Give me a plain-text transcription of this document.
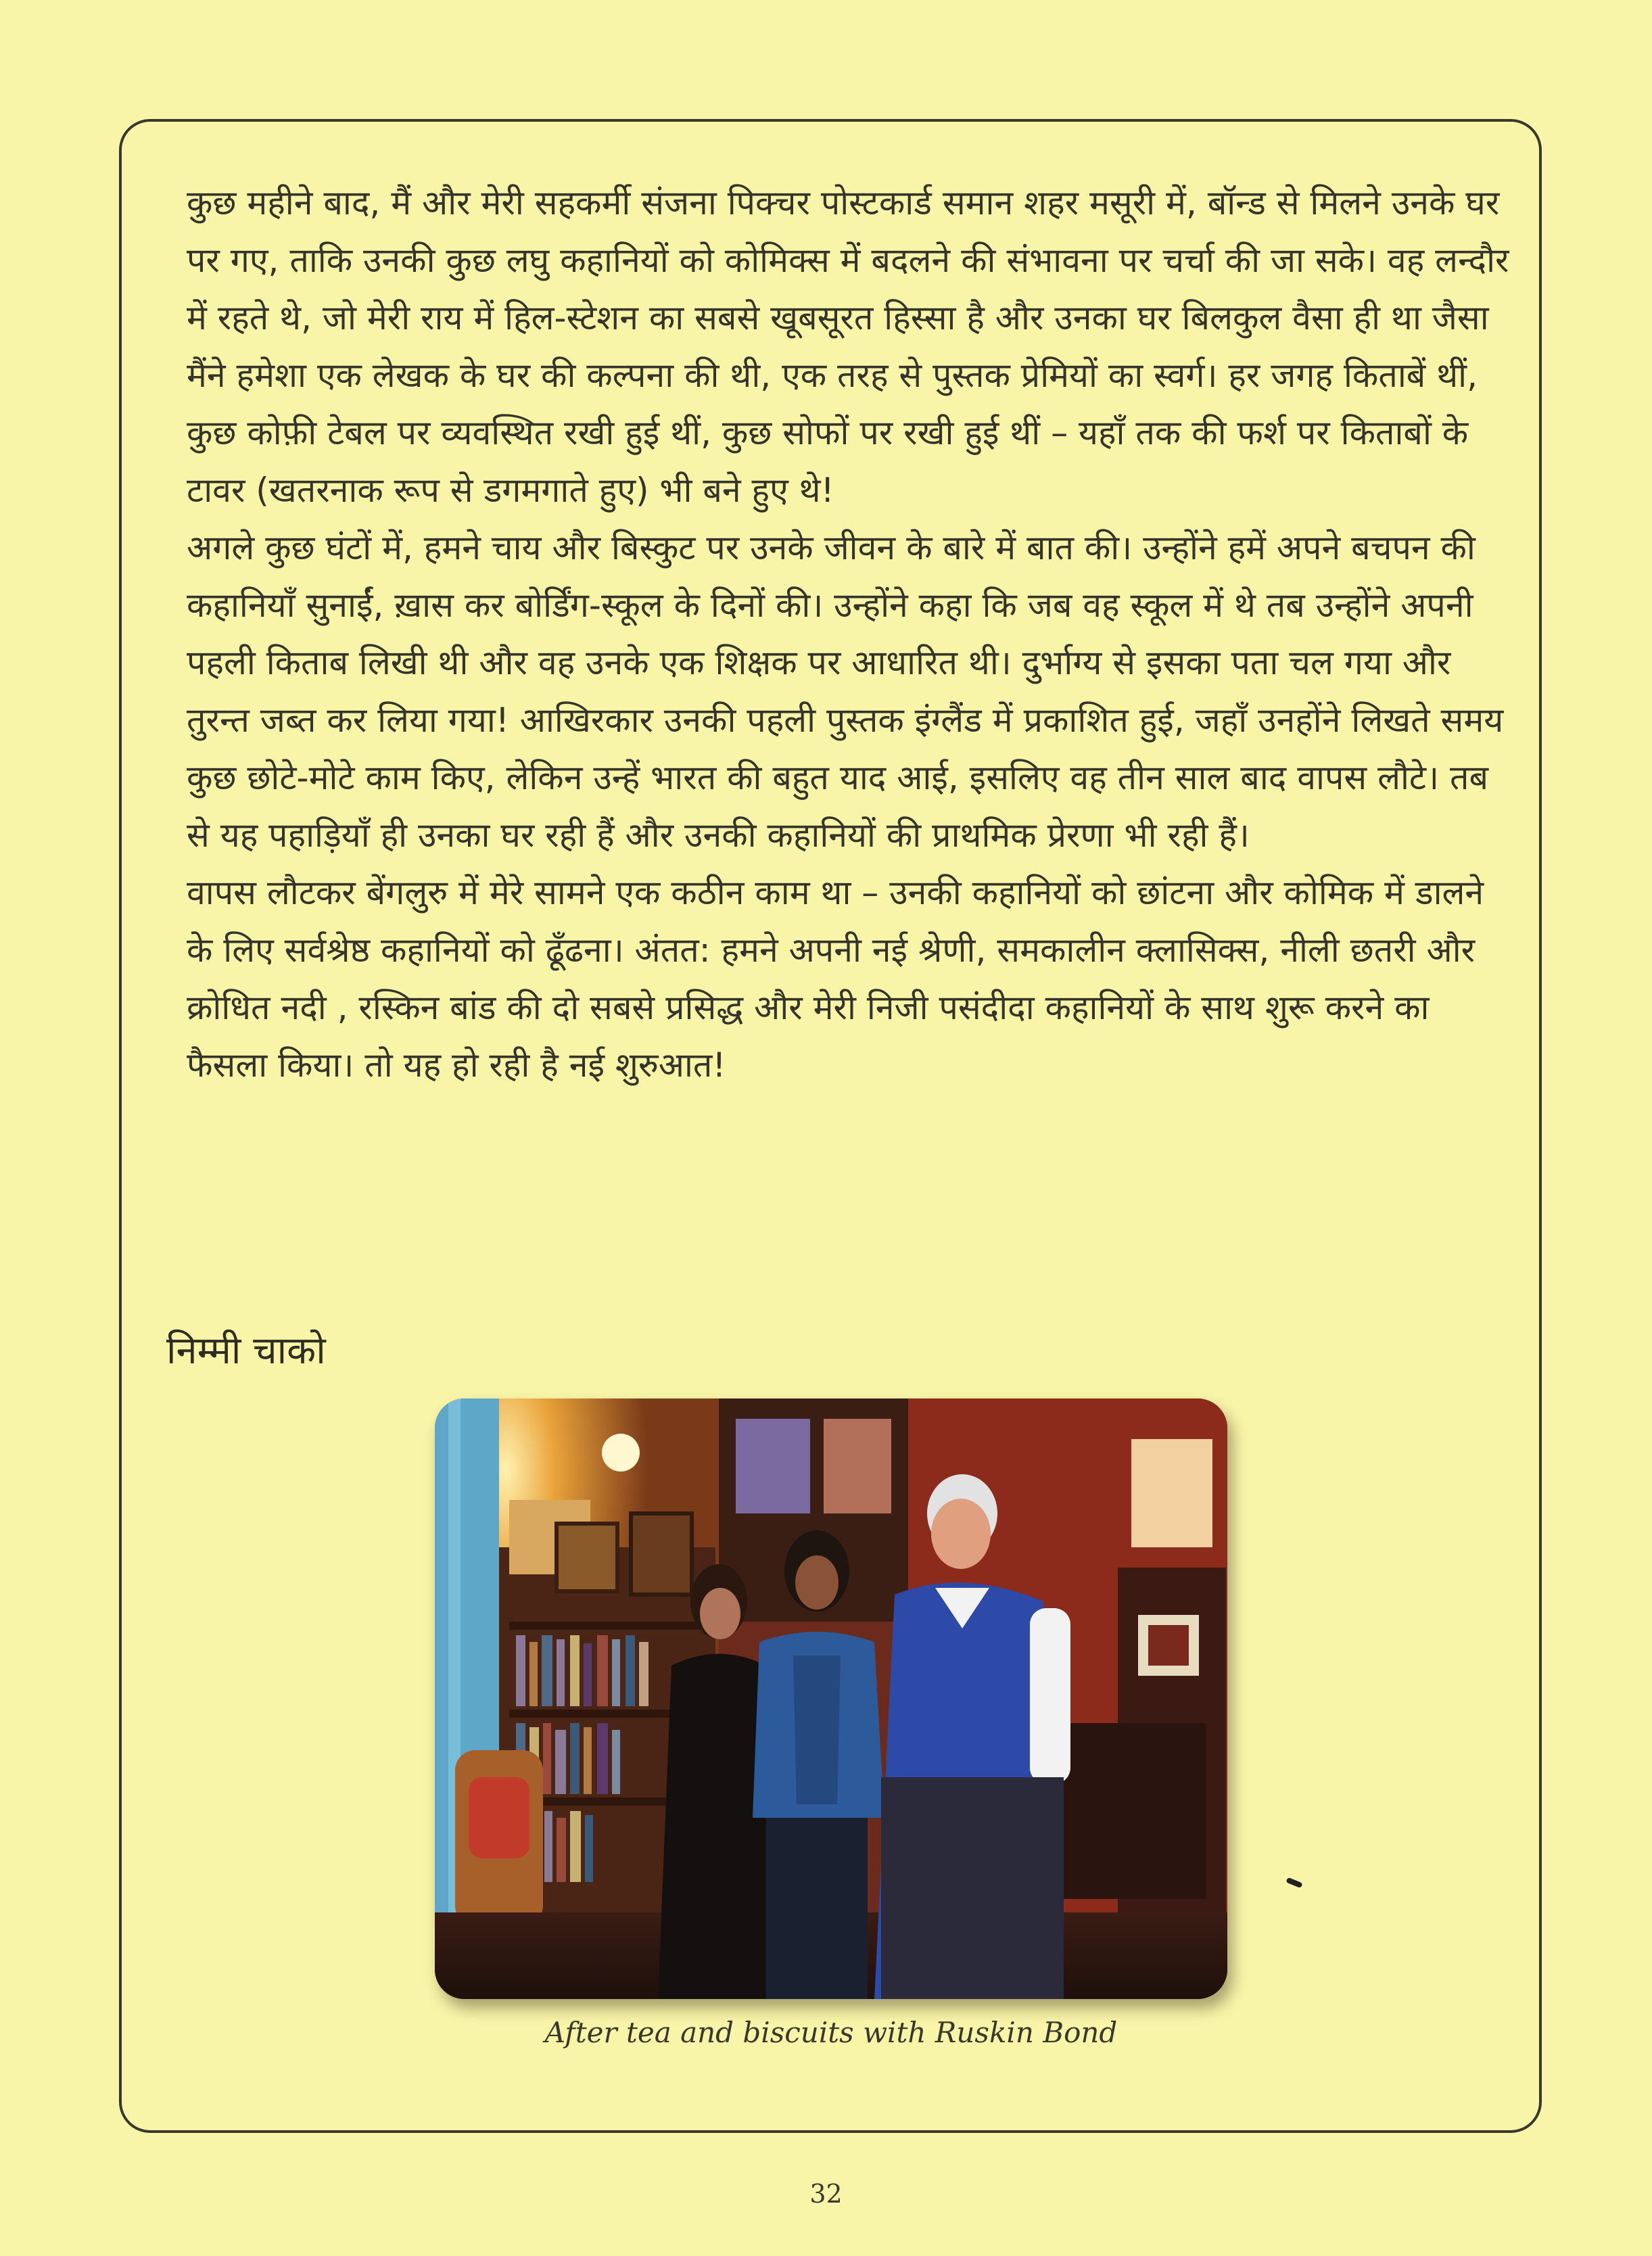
कुछ महीने बाद, मैं और मेरी सहकर्मी संजना पिक्चर पोस्टकार्ड समान शहर मसूरी में, बॉन्ड से मिलने उनके घर पर गए, ताकि उनकी कुछ लघु कहानियों को कोमिक्स में बदलने की संभावना पर चर्चा की जा सके। वह लन्दौर में रहते थे, जो मेरी राय में हिल-स्टेशन का सबसे खूबसूरत हिस्सा है और उनका घर बिलकुल वैसा ही था जैसा मैंने हमेशा एक लेखक के घर की कल्पना की थी, एक तरह से पुस्तक प्रेमियों का स्वर्ग। हर जगह किताबें थीं, कुछ कोफ़ी टेबल पर व्यवस्थित रखी हुई थीं, कुछ सोफों पर रखी हुई थीं – यहाँ तक की फर्श पर किताबों के टावर (खतरनाक रूप से डगमगाते हुए) भी बने हुए थे!

अगले कुछ घंटों में, हमने चाय और बिस्कुट पर उनके जीवन के बारे में बात की। उन्होंने हमें अपने बचपन की कहानियाँ सुनाईं, ख़ास कर बोर्डिंग-स्कूल के दिनों की। उन्होंने कहा कि जब वह स्कूल में थे तब उन्होंने अपनी पहली किताब लिखी थी और वह उनके एक शिक्षक पर आधारित थी। दुर्भाग्य से इसका पता चल गया और तुरन्त जब्त कर लिया गया! आखिरकार उनकी पहली पुस्तक इंग्लैंड में प्रकाशित हुई, जहाँ उनहोंने लिखते समय कुछ छोटे-मोटे काम किए, लेकिन उन्हें भारत की बहुत याद आई, इसलिए वह तीन साल बाद वापस लौटे। तब से यह पहाड़ियाँ ही उनका घर रही हैं और उनकी कहानियों की प्राथमिक प्रेरणा भी रही हैं।

वापस लौटकर बेंगलुरु में मेरे सामने एक कठीन काम था – उनकी कहानियों को छांटना और कोमिक में डालने के लिए सर्वश्रेष्ठ कहानियों को ढूँढना। अंतत: हमने अपनी नई श्रेणी, समकालीन क्लासिक्स, नीली छतरी और क्रोधित नदी , रस्किन बांड की दो सबसे प्रसिद्ध और मेरी निजी पसंदीदा कहानियों के साथ शुरू करने का फैसला किया। तो यह हो रही है नई शुरुआत!

निम्मी चाको
After tea and biscuits with Ruskin Bond
32
